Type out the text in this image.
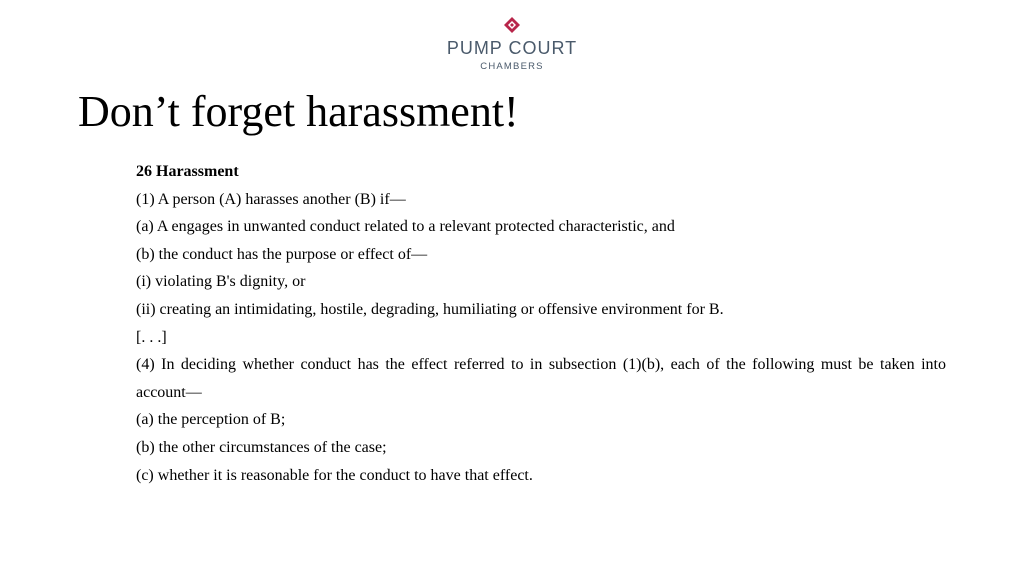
PUMP COURT
CHAMBERS
Don’t forget harassment!

26 Harassment

(1) A person (A) harasses another (B) if—

(a) A engages in unwanted conduct related to a relevant protected characteristic, and

(b) the conduct has the purpose or effect of—

(i) violating B's dignity, or

(ii) creating an intimidating, hostile, degrading, humiliating or offensive environment for B.

[. . .]

(4) In deciding whether conduct has the effect referred to in subsection (1)(b), each of the following must be taken into account—

(a) the perception of B;

(b) the other circumstances of the case;

(c) whether it is reasonable for the conduct to have that effect.
